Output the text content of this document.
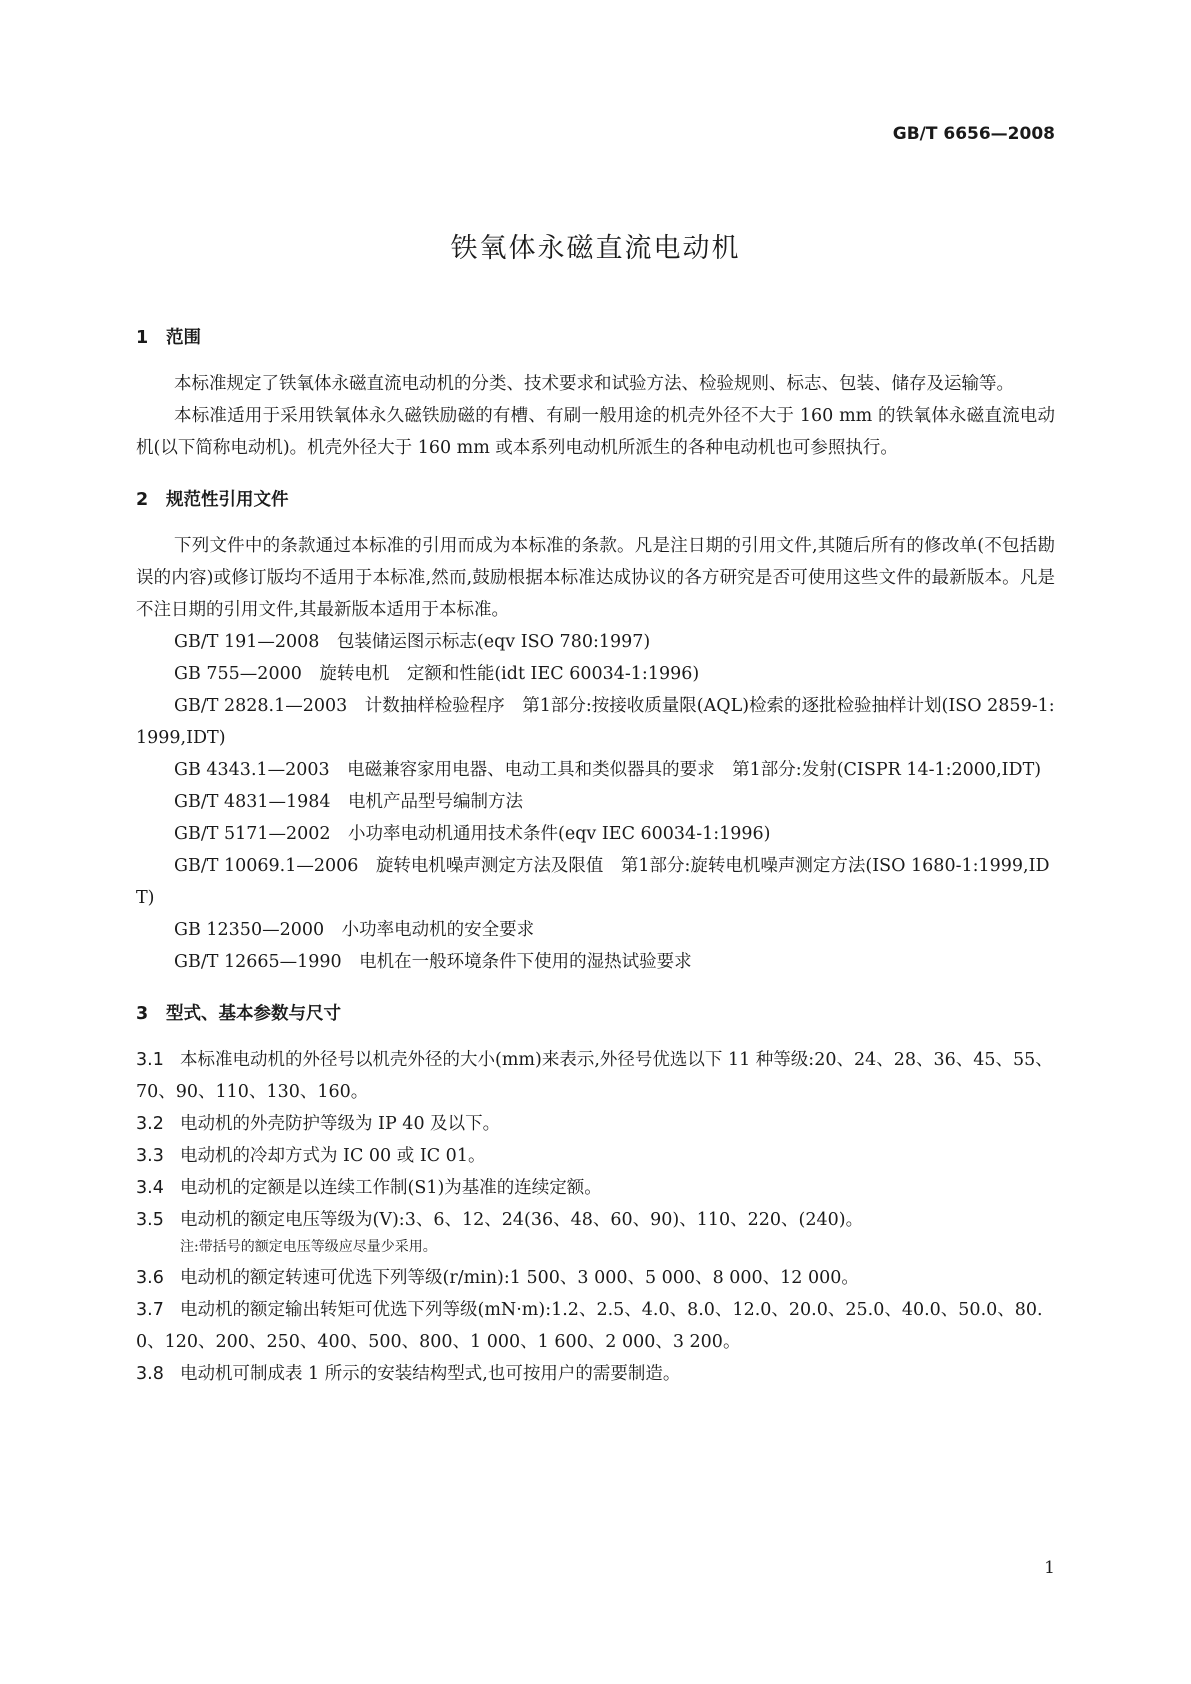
GB/T 6656—2008
铁氧体永磁直流电动机
1 范围

本标准规定了铁氧体永磁直流电动机的分类、技术要求和试验方法、检验规则、标志、包装、储存及运输等。

本标准适用于采用铁氧体永久磁铁励磁的有槽、有刷一般用途的机壳外径不大于 160 mm 的铁氧体永磁直流电动机(以下简称电动机)。机壳外径大于 160 mm 或本系列电动机所派生的各种电动机也可参照执行。

2 规范性引用文件

下列文件中的条款通过本标准的引用而成为本标准的条款。凡是注日期的引用文件,其随后所有的修改单(不包括勘误的内容)或修订版均不适用于本标准,然而,鼓励根据本标准达成协议的各方研究是否可使用这些文件的最新版本。凡是不注日期的引用文件,其最新版本适用于本标准。

GB/T 191—2008　包装储运图示标志(eqv ISO 780:1997)

GB 755—2000　旋转电机　定额和性能(idt IEC 60034-1:1996)

GB/T 2828.1—2003　计数抽样检验程序　第1部分:按接收质量限(AQL)检索的逐批检验抽样计划(ISO 2859-1:1999,IDT)

GB 4343.1—2003　电磁兼容家用电器、电动工具和类似器具的要求　第1部分:发射(CISPR 14-1:2000,IDT)

GB/T 4831—1984　电机产品型号编制方法

GB/T 5171—2002　小功率电动机通用技术条件(eqv IEC 60034-1:1996)

GB/T 10069.1—2006　旋转电机噪声测定方法及限值　第1部分:旋转电机噪声测定方法(ISO 1680-1:1999,IDT)

GB 12350—2000　小功率电动机的安全要求

GB/T 12665—1990　电机在一般环境条件下使用的湿热试验要求

3 型式、基本参数与尺寸

3.1 本标准电动机的外径号以机壳外径的大小(mm)来表示,外径号优选以下 11 种等级:20、24、28、36、45、55、70、90、110、130、160。

3.2 电动机的外壳防护等级为 IP 40 及以下。

3.3 电动机的冷却方式为 IC 00 或 IC 01。

3.4 电动机的定额是以连续工作制(S1)为基准的连续定额。

3.5 电动机的额定电压等级为(V):3、6、12、24(36、48、60、90)、110、220、(240)。

注:带括号的额定电压等级应尽量少采用。

3.6 电动机的额定转速可优选下列等级(r/min):1 500、3 000、5 000、8 000、12 000。

3.7 电动机的额定输出转矩可优选下列等级(mN·m):1.2、2.5、4.0、8.0、12.0、20.0、25.0、40.0、50.0、80.0、120、200、250、400、500、800、1 000、1 600、2 000、3 200。

3.8 电动机可制成表 1 所示的安装结构型式,也可按用户的需要制造。

1
